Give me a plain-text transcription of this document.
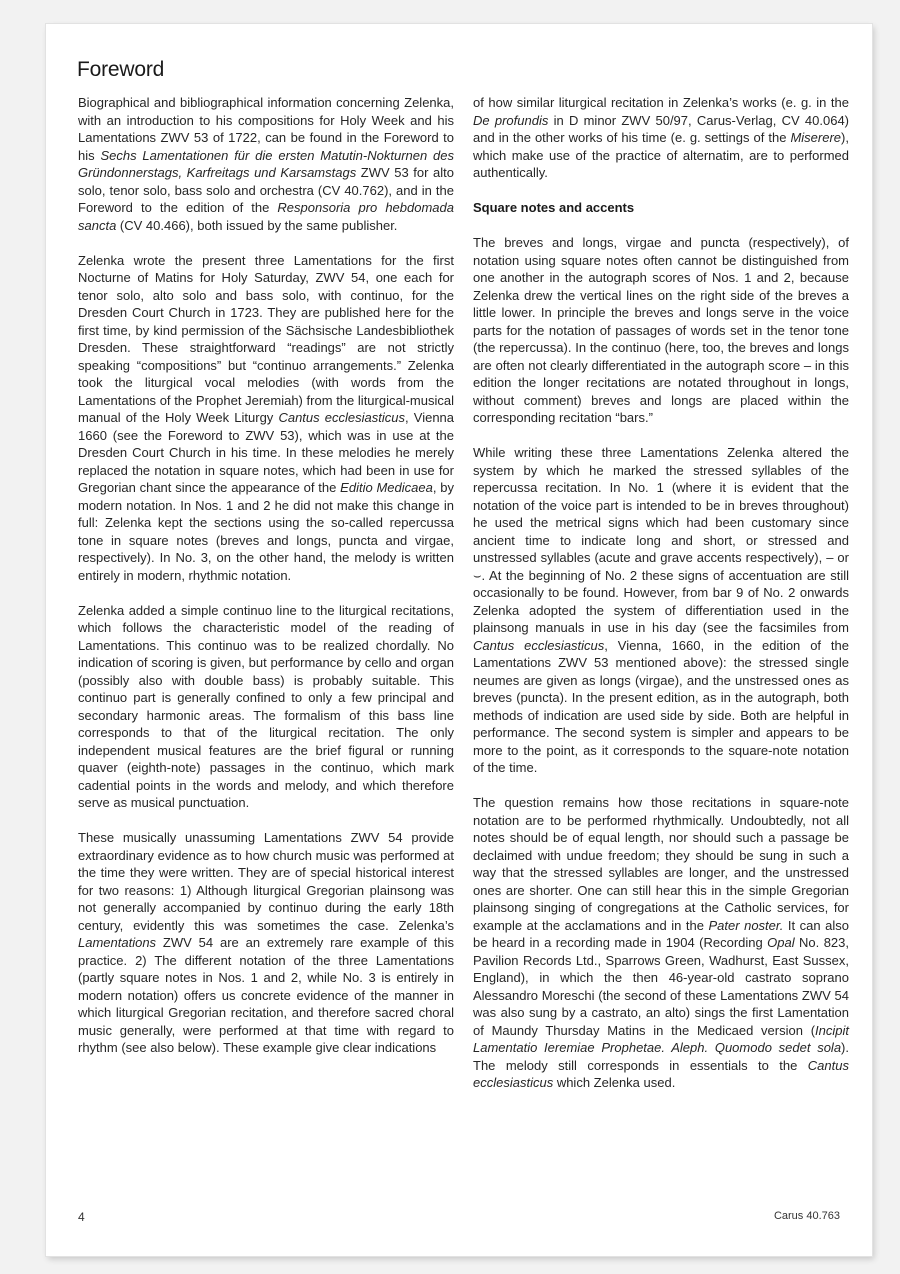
Foreword

Biographical and bibliographical information concerning Zelenka, with an introduction to his compositions for Holy Week and his Lamentations ZWV 53 of 1722, can be found in the Foreword to his Sechs Lamentationen für die ersten Matutin-Nokturnen des Gründonnerstags, Karfreitags und Karsamstags ZWV 53 for alto solo, tenor solo, bass solo and orchestra (CV 40.762), and in the Foreword to the edition of the Responsoria pro hebdomada sancta (CV 40.466), both issued by the same publisher.

Zelenka wrote the present three Lamentations for the first Nocturne of Matins for Holy Saturday, ZWV 54, one each for tenor solo, alto solo and bass solo, with continuo, for the Dresden Court Church in 1723. They are published here for the first time, by kind permission of the Sächsische Landesbibliothek Dresden. These straightforward “readings” are not strictly speaking “compositions” but “continuo arrangements.” Zelenka took the liturgical vocal melodies (with words from the Lamentations of the Prophet Jeremiah) from the liturgical-musical manual of the Holy Week Liturgy Cantus ecclesiasticus, Vienna 1660 (see the Foreword to ZWV 53), which was in use at the Dresden Court Church in his time. In these melodies he merely replaced the notation in square notes, which had been in use for Gregorian chant since the appearance of the Editio Medicaea, by modern notation. In Nos. 1 and 2 he did not make this change in full: Zelenka kept the sections using the so-called repercussa tone in square notes (breves and longs, puncta and virgae, respectively). In No. 3, on the other hand, the melody is written entirely in modern, rhythmic notation.

Zelenka added a simple continuo line to the liturgical recitations, which follows the characteristic model of the reading of Lamentations. This continuo was to be realized chordally. No indication of scoring is given, but performance by cello and organ (possibly also with double bass) is probably suitable. This continuo part is generally confined to only a few principal and secondary harmonic areas. The formalism of this bass line corresponds to that of the liturgical recitation. The only independent musical features are the brief figural or running quaver (eighth-note) passages in the continuo, which mark cadential points in the words and melody, and which therefore serve as musical punctuation.

These musically unassuming Lamentations ZWV 54 provide extraordinary evidence as to how church music was performed at the time they were written. They are of special historical interest for two reasons: 1) Although liturgical Gregorian plainsong was not generally accompanied by continuo during the early 18th century, evidently this was sometimes the case. Zelenka’s Lamentations ZWV 54 are an extremely rare example of this practice. 2) The different notation of the three Lamentations (partly square notes in Nos. 1 and 2, while No. 3 is entirely in modern notation) offers us concrete evidence of the manner in which liturgical Gregorian recitation, and therefore sacred choral music generally, were performed at that time with regard to rhythm (see also below). These example give clear indications

of how similar liturgical recitation in Zelenka’s works (e. g. in the De profundis in D minor ZWV 50/97, Carus-Verlag, CV 40.064) and in the other works of his time (e. g. settings of the Miserere), which make use of the practice of alternatim, are to performed authentically.

Square notes and accents

The breves and longs, virgae and puncta (respectively), of notation using square notes often cannot be distinguished from one another in the autograph scores of Nos. 1 and 2, because Zelenka drew the vertical lines on the right side of the breves a little lower. In principle the breves and longs serve in the voice parts for the notation of passages of words set in the tenor tone (the repercussa). In the continuo (here, too, the breves and longs are often not clearly differentiated in the autograph score – in this edition the longer recitations are notated throughout in longs, without comment) breves and longs are placed within the corresponding recitation “bars.”

While writing these three Lamentations Zelenka altered the system by which he marked the stressed syllables of the repercussa recitation. In No. 1 (where it is evident that the notation of the voice part is intended to be in breves throughout) he used the metrical signs which had been customary since ancient time to indicate long and short, or stressed and unstressed syllables (acute and grave accents respectively), – or ⌣. At the beginning of No. 2 these signs of accentuation are still occasionally to be found. However, from bar 9 of No. 2 onwards Zelenka adopted the system of differentiation used in the plainsong manuals in use in his day (see the facsimiles from Cantus ecclesiasticus, Vienna, 1660, in the edition of the Lamentations ZWV 53 mentioned above): the stressed single neumes are given as longs (virgae), and the unstressed ones as breves (puncta). In the present edition, as in the autograph, both methods of indication are used side by side. Both are helpful in performance. The second system is simpler and appears to be more to the point, as it corresponds to the square-note notation of the time.

The question remains how those recitations in square-note notation are to be performed rhythmically. Undoubtedly, not all notes should be of equal length, nor should such a passage be declaimed with undue freedom; they should be sung in such a way that the stressed syllables are longer, and the unstressed ones are shorter. One can still hear this in the simple Gregorian plainsong singing of congregations at the Catholic services, for example at the acclamations and in the Pater noster. It can also be heard in a recording made in 1904 (Recording Opal No. 823, Pavilion Records Ltd., Sparrows Green, Wadhurst, East Sussex, England), in which the then 46-year-old castrato soprano Alessandro Moreschi (the second of these Lamentations ZWV 54 was also sung by a castrato, an alto) sings the first Lamentation of Maundy Thursday Matins in the Medicaed version (Incipit Lamentatio Ieremiae Prophetae. Aleph. Quomodo sedet sola). The melody still corresponds in essentials to the Cantus ecclesiasticus which Zelenka used.

4	Carus 40.763
